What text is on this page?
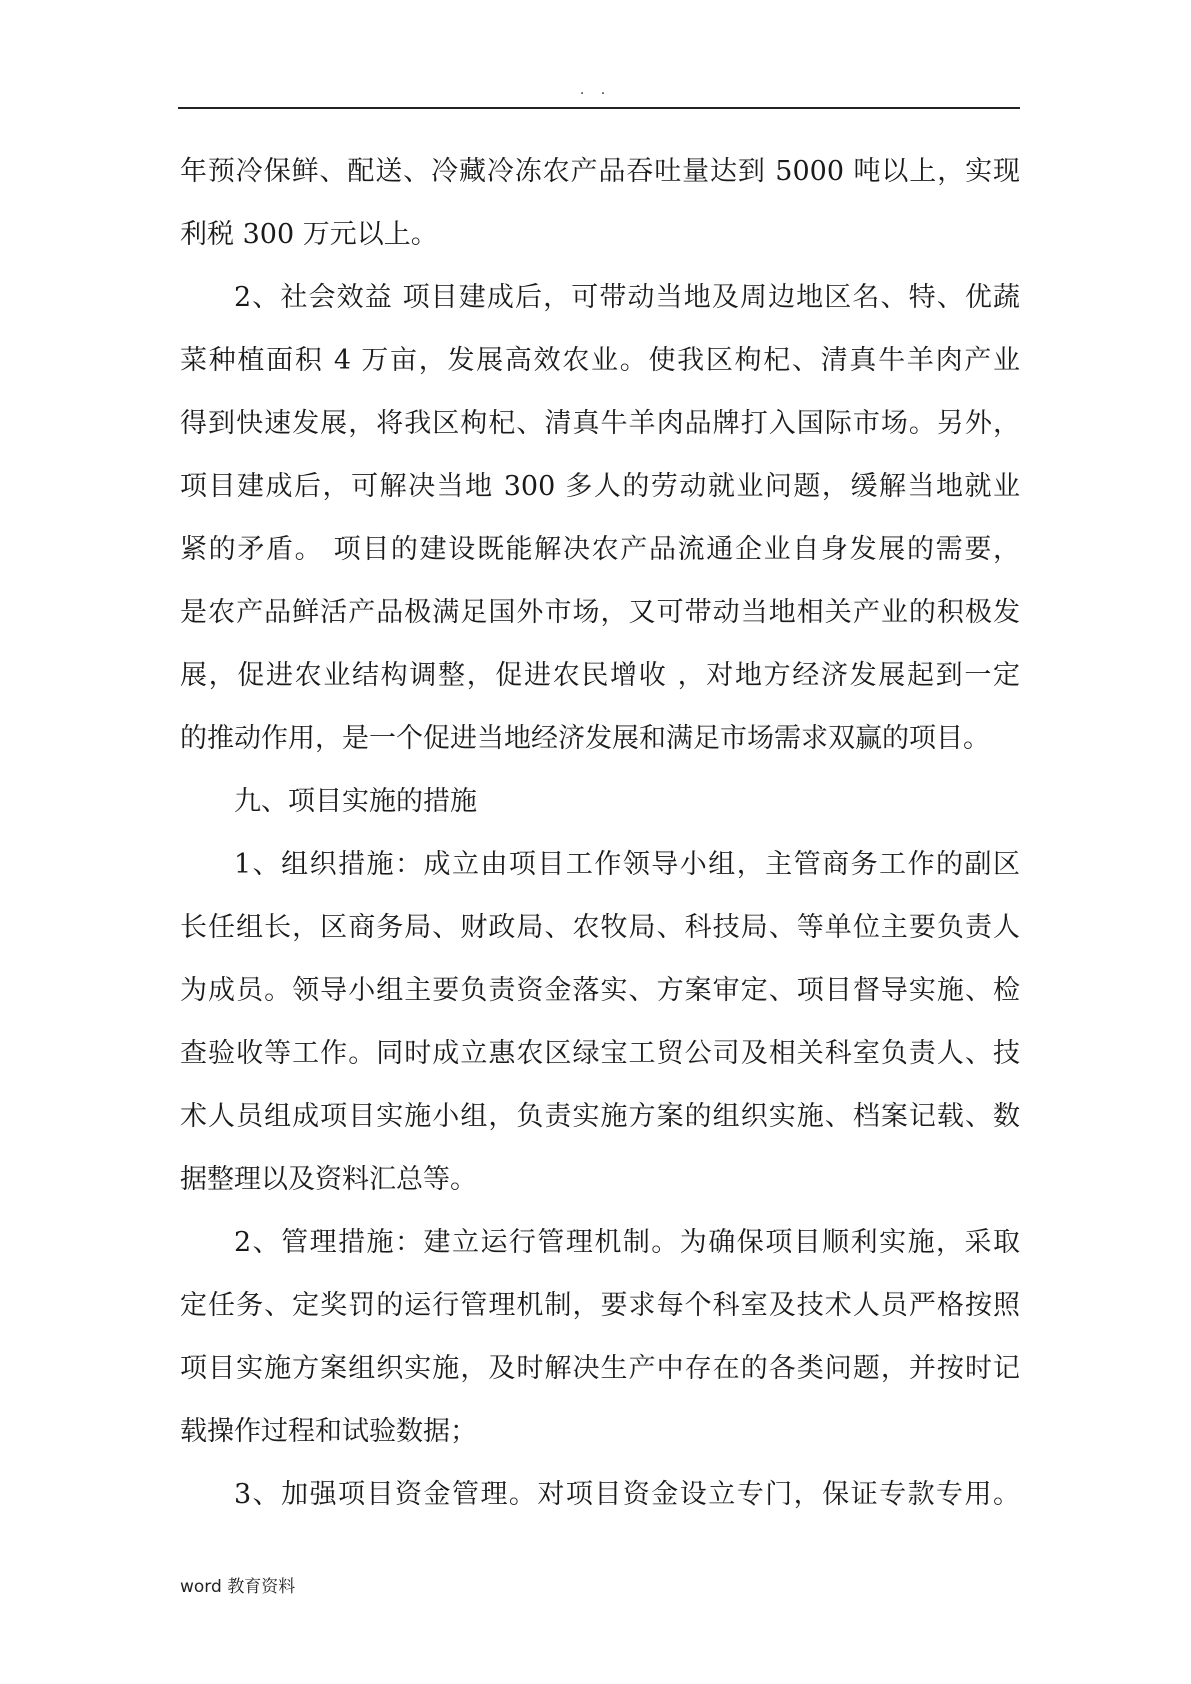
. .
年预冷保鲜、配送、冷藏冷冻农产品吞吐量达到 5000 吨以上，实现
利税 300 万元以上。
2、社会效益 项目建成后，可带动当地及周边地区名、特、优蔬
菜种植面积 4 万亩，发展高效农业。使我区枸杞、清真牛羊肉产业
得到快速发展，将我区枸杞、清真牛羊肉品牌打入国际市场。另外，
项目建成后，可解决当地 300 多人的劳动就业问题，缓解当地就业
紧的矛盾。 项目的建设既能解决农产品流通企业自身发展的需要，
是农产品鲜活产品极满足国外市场，又可带动当地相关产业的积极发
展，促进农业结构调整，促进农民增收 ，对地方经济发展起到一定
的推动作用，是一个促进当地经济发展和满足市场需求双赢的项目。
九、项目实施的措施
1、组织措施：成立由项目工作领导小组，主管商务工作的副区
长任组长，区商务局、财政局、农牧局、科技局、等单位主要负责人
为成员。领导小组主要负责资金落实、方案审定、项目督导实施、检
查验收等工作。同时成立惠农区绿宝工贸公司及相关科室负责人、技
术人员组成项目实施小组，负责实施方案的组织实施、档案记载、数
据整理以及资料汇总等。
2、管理措施：建立运行管理机制。为确保项目顺利实施，采取
定任务、定奖罚的运行管理机制，要求每个科室及技术人员严格按照
项目实施方案组织实施，及时解决生产中存在的各类问题，并按时记
载操作过程和试验数据；
3、加强项目资金管理。对项目资金设立专门，保证专款专用。
word 教育资料
